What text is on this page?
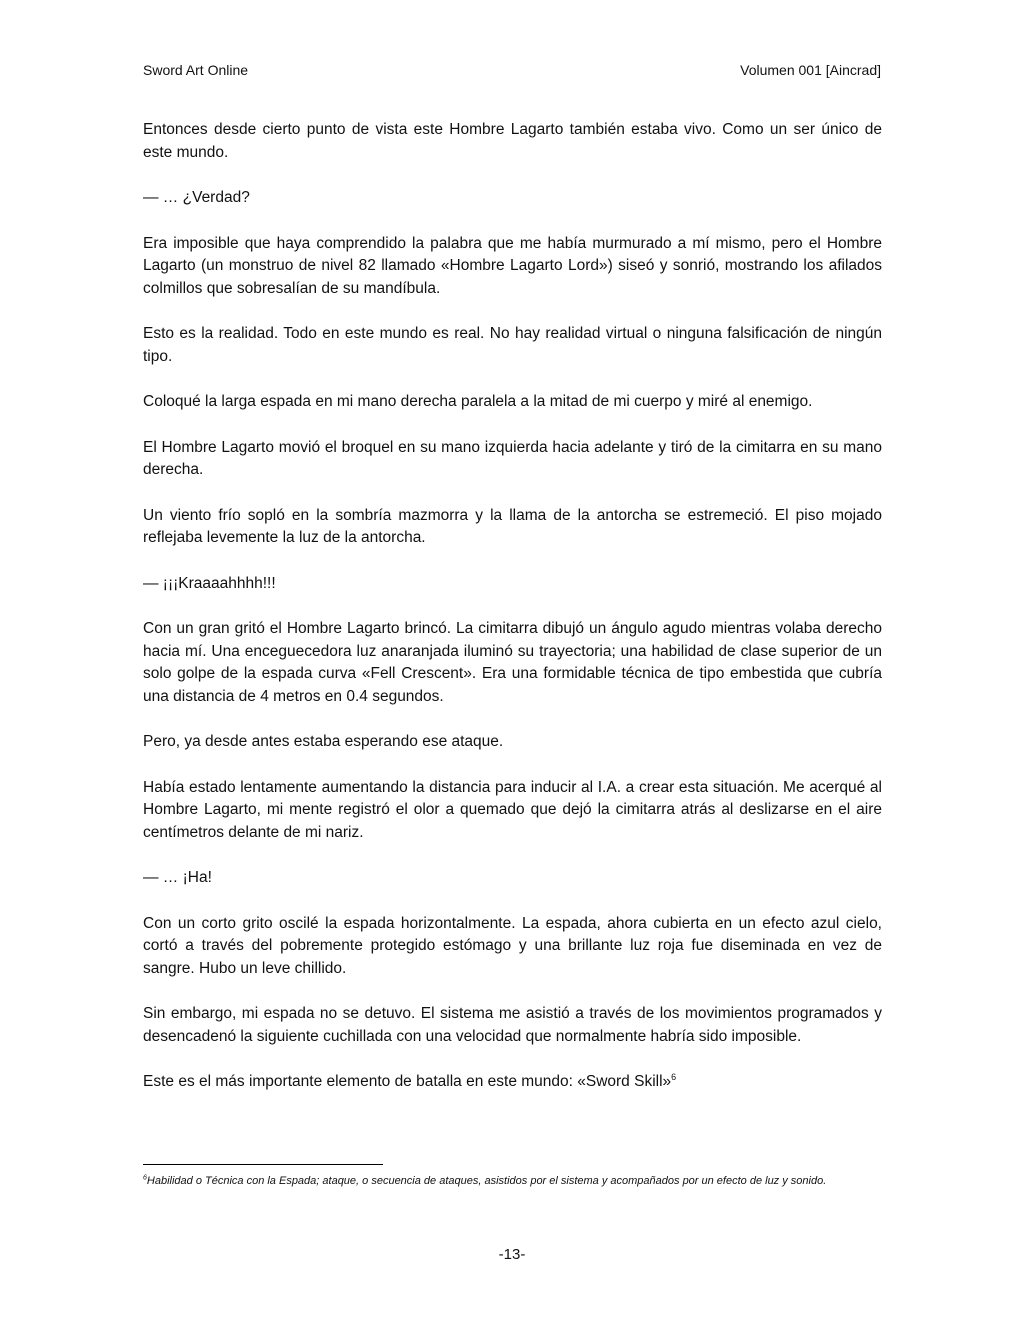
Sword Art Online	Volumen 001 [Aincrad]

Entonces desde cierto punto de vista este Hombre Lagarto también estaba vivo. Como un ser único de este mundo.

— … ¿Verdad?

Era imposible que haya comprendido la palabra que me había murmurado a mí mismo, pero el Hombre Lagarto (un monstruo de nivel 82 llamado «Hombre Lagarto Lord») siseó y sonrió, mostrando los afilados colmillos que sobresalían de su mandíbula.

Esto es la realidad. Todo en este mundo es real. No hay realidad virtual o ninguna falsificación de ningún tipo.

Coloqué la larga espada en mi mano derecha paralela a la mitad de mi cuerpo y miré al enemigo.

El Hombre Lagarto movió el broquel en su mano izquierda hacia adelante y tiró de la cimitarra en su mano derecha.

Un viento frío sopló en la sombría mazmorra y la llama de la antorcha se estremeció. El piso mojado reflejaba levemente la luz de la antorcha.

— ¡¡¡Kraaaahhhh!!!

Con un gran gritó el Hombre Lagarto brincó. La cimitarra dibujó un ángulo agudo mientras volaba derecho hacia mí. Una enceguecedora luz anaranjada iluminó su trayectoria; una habilidad de clase superior de un solo golpe de la espada curva «Fell Crescent». Era una formidable técnica de tipo embestida que cubría una distancia de 4 metros en 0.4 segundos.

Pero, ya desde antes estaba esperando ese ataque.

Había estado lentamente aumentando la distancia para inducir al I.A. a crear esta situación. Me acerqué al Hombre Lagarto, mi mente registró el olor a quemado que dejó la cimitarra atrás al deslizarse en el aire centímetros delante de mi nariz.

— … ¡Ha!

Con un corto grito oscilé la espada horizontalmente. La espada, ahora cubierta en un efecto azul cielo, cortó a través del pobremente protegido estómago y una brillante luz roja fue diseminada en vez de sangre. Hubo un leve chillido.

Sin embargo, mi espada no se detuvo. El sistema me asistió a través de los movimientos programados y desencadenó la siguiente cuchillada con una velocidad que normalmente habría sido imposible.

Este es el más importante elemento de batalla en este mundo: «Sword Skill»$^6$

$^6$Habilidad o Técnica con la Espada; ataque, o secuencia de ataques, asistidos por el sistema y acompañados por un efecto de luz y sonido.
-13-
